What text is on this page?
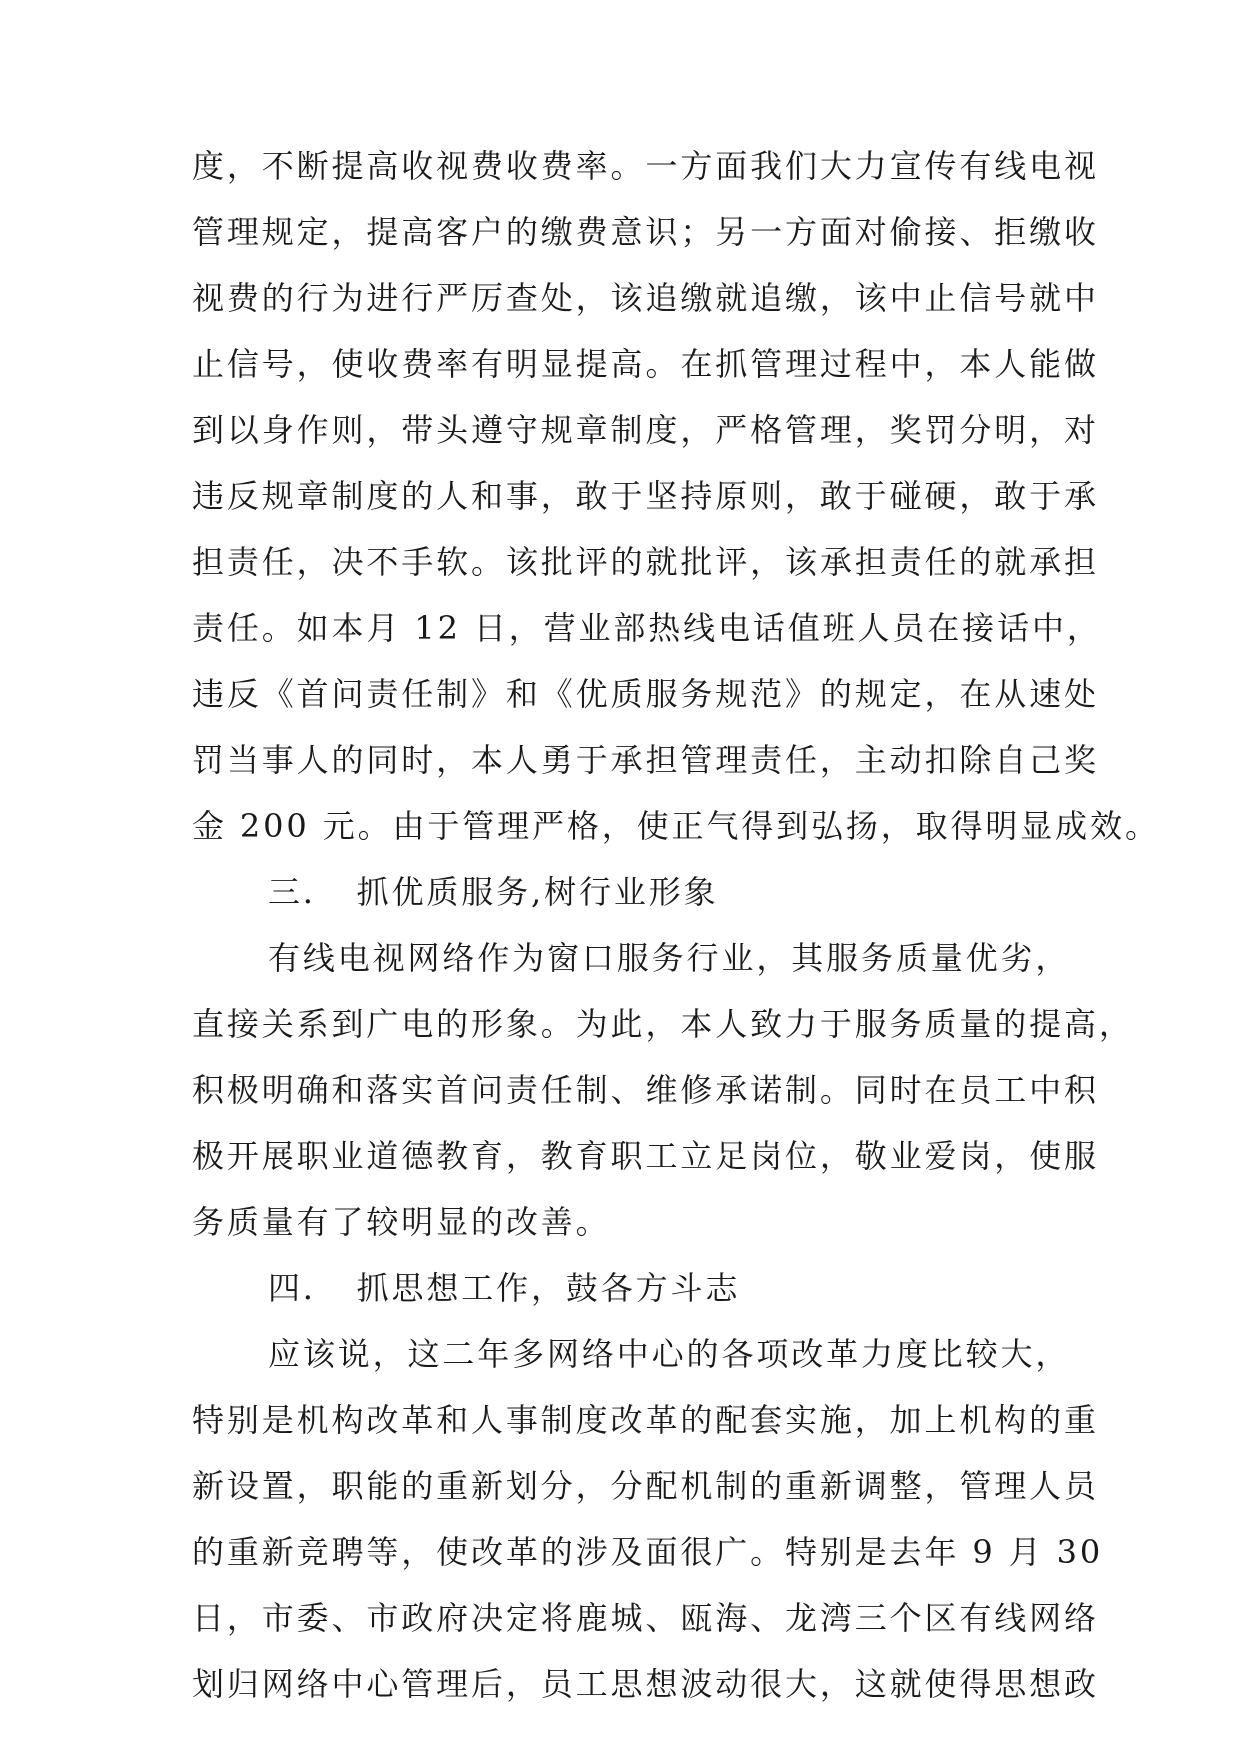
度，不断提高收视费收费率。一方面我们大力宣传有线电视
管理规定，提高客户的缴费意识；另一方面对偷接、拒缴收
视费的行为进行严厉查处，该追缴就追缴，该中止信号就中
止信号，使收费率有明显提高。在抓管理过程中，本人能做
到以身作则，带头遵守规章制度，严格管理，奖罚分明，对
违反规章制度的人和事，敢于坚持原则，敢于碰硬，敢于承
担责任，决不手软。该批评的就批评，该承担责任的就承担
责任。如本月 12 日，营业部热线电话值班人员在接话中，
违反《首问责任制》和《优质服务规范》的规定，在从速处
罚当事人的同时，本人勇于承担管理责任，主动扣除自己奖
金 200 元。由于管理严格，使正气得到弘扬，取得明显成效。
三．　抓优质服务,树行业形象
有线电视网络作为窗口服务行业，其服务质量优劣，
直接关系到广电的形象。为此，本人致力于服务质量的提高，
积极明确和落实首问责任制、维修承诺制。同时在员工中积
极开展职业道德教育，教育职工立足岗位，敬业爱岗，使服
务质量有了较明显的改善。
四．　抓思想工作，鼓各方斗志
应该说，这二年多网络中心的各项改革力度比较大，
特别是机构改革和人事制度改革的配套实施，加上机构的重
新设置，职能的重新划分，分配机制的重新调整，管理人员
的重新竞聘等，使改革的涉及面很广。特别是去年 9 月 30
日，市委、市政府决定将鹿城、瓯海、龙湾三个区有线网络
划归网络中心管理后，员工思想波动很大，这就使得思想政
